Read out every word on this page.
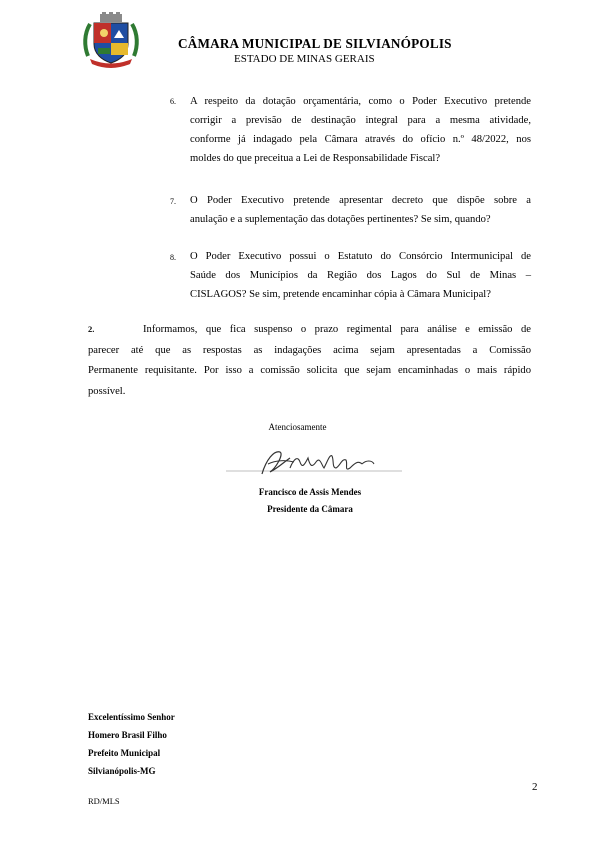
CÂMARA MUNICIPAL DE SILVIANÓPOLIS
ESTADO DE MINAS GERAIS
6. A respeito da dotação orçamentária, como o Poder Executivo pretende
corrigir a previsão de destinação integral para a mesma atividade,
conforme já indagado pela Câmara através do ofício n.º 48/2022, nos
moldes do que preceitua a Lei de Responsabilidade Fiscal?
7. O Poder Executivo pretende apresentar decreto que dispõe sobre a
anulação e a suplementação das dotações pertinentes? Se sim, quando?
8. O Poder Executivo possui o Estatuto do Consórcio Intermunicipal de
Saúde dos Municípios da Região dos Lagos do Sul de Minas –
CISLAGOS? Se sim, pretende encaminhar cópia à Câmara Municipal?
2.	Informamos, que fica suspenso o prazo regimental para análise e emissão de
parecer até que as respostas as indagações acima sejam apresentadas a Comissão
Permanente requisitante. Por isso a comissão solicita que sejam encaminhadas o mais rápido
possível.
Atenciosamente
Francisco de Assis Mendes
Presidente da Câmara
Excelentíssimo Senhor
Homero Brasil Filho
Prefeito Municipal
Silvianópolis-MG
2
RD/MLS
